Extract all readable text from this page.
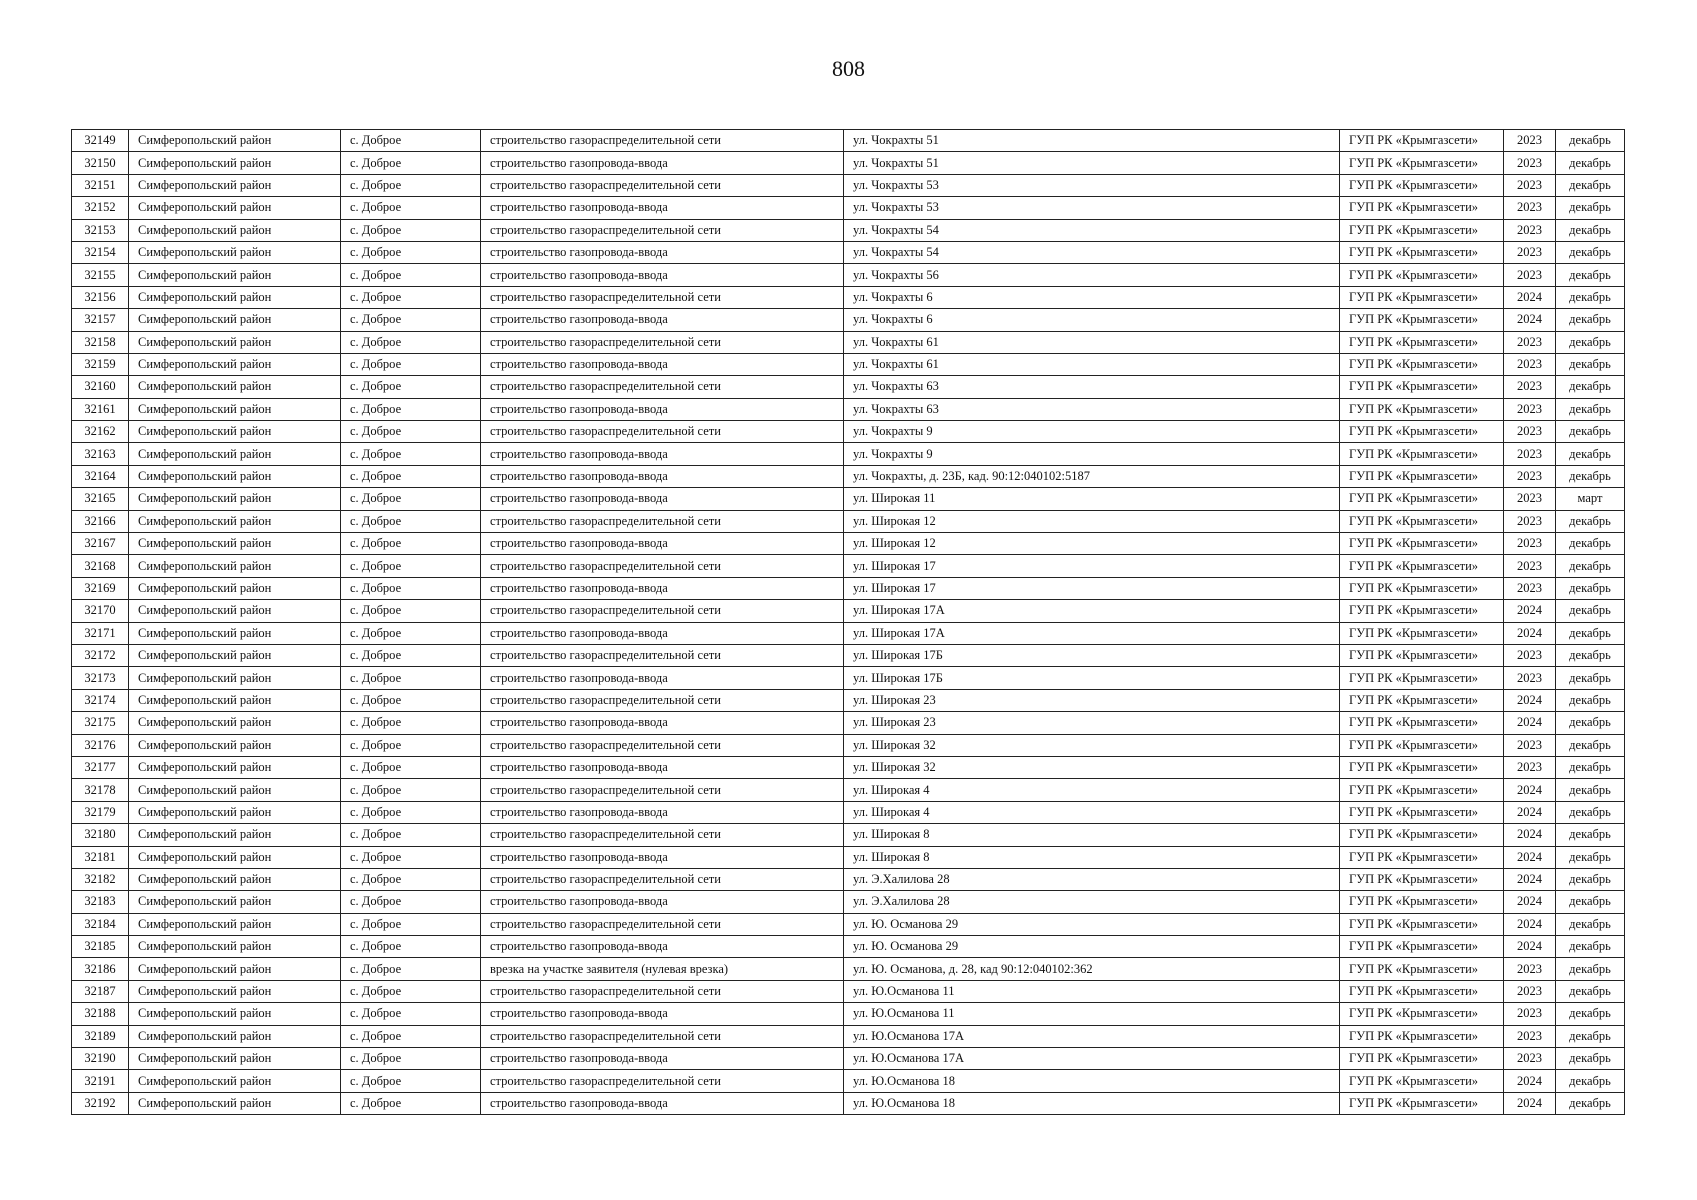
808
32149	Симферопольский район	с. Доброе	строительство газораспределительной сети	ул. Чокрахты 51	ГУП РК «Крымгазсети»	2023	декабрь
32150	Симферопольский район	с. Доброе	строительство газопровода-ввода	ул. Чокрахты 51	ГУП РК «Крымгазсети»	2023	декабрь
32151	Симферопольский район	с. Доброе	строительство газораспределительной сети	ул. Чокрахты 53	ГУП РК «Крымгазсети»	2023	декабрь
32152	Симферопольский район	с. Доброе	строительство газопровода-ввода	ул. Чокрахты 53	ГУП РК «Крымгазсети»	2023	декабрь
32153	Симферопольский район	с. Доброе	строительство газораспределительной сети	ул. Чокрахты 54	ГУП РК «Крымгазсети»	2023	декабрь
32154	Симферопольский район	с. Доброе	строительство газопровода-ввода	ул. Чокрахты 54	ГУП РК «Крымгазсети»	2023	декабрь
32155	Симферопольский район	с. Доброе	строительство газопровода-ввода	ул. Чокрахты 56	ГУП РК «Крымгазсети»	2023	декабрь
32156	Симферопольский район	с. Доброе	строительство газораспределительной сети	ул. Чокрахты 6	ГУП РК «Крымгазсети»	2024	декабрь
32157	Симферопольский район	с. Доброе	строительство газопровода-ввода	ул. Чокрахты 6	ГУП РК «Крымгазсети»	2024	декабрь
32158	Симферопольский район	с. Доброе	строительство газораспределительной сети	ул. Чокрахты 61	ГУП РК «Крымгазсети»	2023	декабрь
32159	Симферопольский район	с. Доброе	строительство газопровода-ввода	ул. Чокрахты 61	ГУП РК «Крымгазсети»	2023	декабрь
32160	Симферопольский район	с. Доброе	строительство газораспределительной сети	ул. Чокрахты 63	ГУП РК «Крымгазсети»	2023	декабрь
32161	Симферопольский район	с. Доброе	строительство газопровода-ввода	ул. Чокрахты 63	ГУП РК «Крымгазсети»	2023	декабрь
32162	Симферопольский район	с. Доброе	строительство газораспределительной сети	ул. Чокрахты 9	ГУП РК «Крымгазсети»	2023	декабрь
32163	Симферопольский район	с. Доброе	строительство газопровода-ввода	ул. Чокрахты 9	ГУП РК «Крымгазсети»	2023	декабрь
32164	Симферопольский район	с. Доброе	строительство газопровода-ввода	ул. Чокрахты, д. 23Б, кад. 90:12:040102:5187	ГУП РК «Крымгазсети»	2023	декабрь
32165	Симферопольский район	с. Доброе	строительство газопровода-ввода	ул. Широкая 11	ГУП РК «Крымгазсети»	2023	март
32166	Симферопольский район	с. Доброе	строительство газораспределительной сети	ул. Широкая 12	ГУП РК «Крымгазсети»	2023	декабрь
32167	Симферопольский район	с. Доброе	строительство газопровода-ввода	ул. Широкая 12	ГУП РК «Крымгазсети»	2023	декабрь
32168	Симферопольский район	с. Доброе	строительство газораспределительной сети	ул. Широкая 17	ГУП РК «Крымгазсети»	2023	декабрь
32169	Симферопольский район	с. Доброе	строительство газопровода-ввода	ул. Широкая 17	ГУП РК «Крымгазсети»	2023	декабрь
32170	Симферопольский район	с. Доброе	строительство газораспределительной сети	ул. Широкая 17А	ГУП РК «Крымгазсети»	2024	декабрь
32171	Симферопольский район	с. Доброе	строительство газопровода-ввода	ул. Широкая 17А	ГУП РК «Крымгазсети»	2024	декабрь
32172	Симферопольский район	с. Доброе	строительство газораспределительной сети	ул. Широкая 17Б	ГУП РК «Крымгазсети»	2023	декабрь
32173	Симферопольский район	с. Доброе	строительство газопровода-ввода	ул. Широкая 17Б	ГУП РК «Крымгазсети»	2023	декабрь
32174	Симферопольский район	с. Доброе	строительство газораспределительной сети	ул. Широкая 23	ГУП РК «Крымгазсети»	2024	декабрь
32175	Симферопольский район	с. Доброе	строительство газопровода-ввода	ул. Широкая 23	ГУП РК «Крымгазсети»	2024	декабрь
32176	Симферопольский район	с. Доброе	строительство газораспределительной сети	ул. Широкая 32	ГУП РК «Крымгазсети»	2023	декабрь
32177	Симферопольский район	с. Доброе	строительство газопровода-ввода	ул. Широкая 32	ГУП РК «Крымгазсети»	2023	декабрь
32178	Симферопольский район	с. Доброе	строительство газораспределительной сети	ул. Широкая 4	ГУП РК «Крымгазсети»	2024	декабрь
32179	Симферопольский район	с. Доброе	строительство газопровода-ввода	ул. Широкая 4	ГУП РК «Крымгазсети»	2024	декабрь
32180	Симферопольский район	с. Доброе	строительство газораспределительной сети	ул. Широкая 8	ГУП РК «Крымгазсети»	2024	декабрь
32181	Симферопольский район	с. Доброе	строительство газопровода-ввода	ул. Широкая 8	ГУП РК «Крымгазсети»	2024	декабрь
32182	Симферопольский район	с. Доброе	строительство газораспределительной сети	ул. Э.Халилова 28	ГУП РК «Крымгазсети»	2024	декабрь
32183	Симферопольский район	с. Доброе	строительство газопровода-ввода	ул. Э.Халилова 28	ГУП РК «Крымгазсети»	2024	декабрь
32184	Симферопольский район	с. Доброе	строительство газораспределительной сети	ул. Ю. Османова 29	ГУП РК «Крымгазсети»	2024	декабрь
32185	Симферопольский район	с. Доброе	строительство газопровода-ввода	ул. Ю. Османова 29	ГУП РК «Крымгазсети»	2024	декабрь
32186	Симферопольский район	с. Доброе	врезка на участке заявителя (нулевая врезка)	ул. Ю. Османова, д. 28, кад 90:12:040102:362	ГУП РК «Крымгазсети»	2023	декабрь
32187	Симферопольский район	с. Доброе	строительство газораспределительной сети	ул. Ю.Османова 11	ГУП РК «Крымгазсети»	2023	декабрь
32188	Симферопольский район	с. Доброе	строительство газопровода-ввода	ул. Ю.Османова 11	ГУП РК «Крымгазсети»	2023	декабрь
32189	Симферопольский район	с. Доброе	строительство газораспределительной сети	ул. Ю.Османова 17А	ГУП РК «Крымгазсети»	2023	декабрь
32190	Симферопольский район	с. Доброе	строительство газопровода-ввода	ул. Ю.Османова 17А	ГУП РК «Крымгазсети»	2023	декабрь
32191	Симферопольский район	с. Доброе	строительство газораспределительной сети	ул. Ю.Османова 18	ГУП РК «Крымгазсети»	2024	декабрь
32192	Симферопольский район	с. Доброе	строительство газопровода-ввода	ул. Ю.Османова 18	ГУП РК «Крымгазсети»	2024	декабрь
